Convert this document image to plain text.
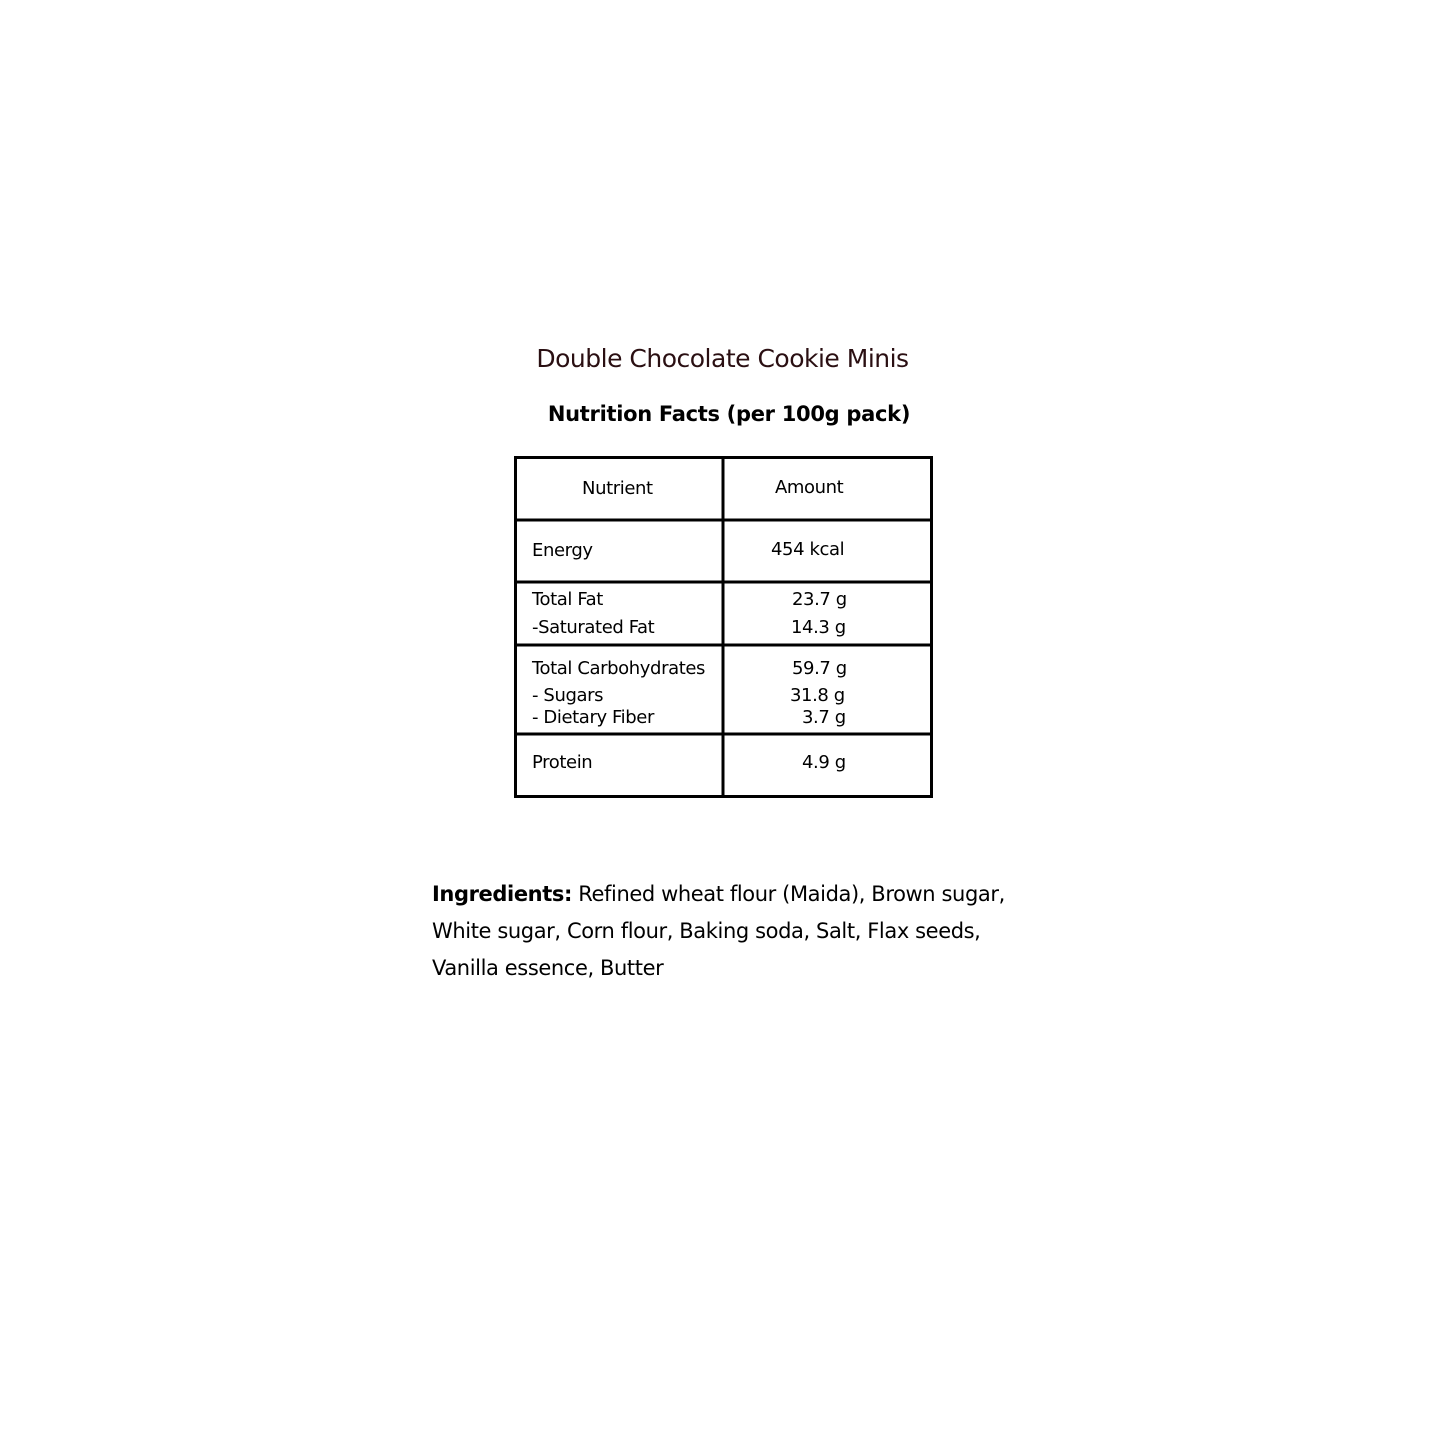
Double Chocolate Cookie Minis
Nutrition Facts (per 100g pack)
Nutrient	Amount
Energy	454 kcal
Total Fat	23.7 g
-Saturated Fat	14.3 g
Total Carbohydrates	59.7 g
- Sugars	31.8 g
- Dietary Fiber	3.7 g
Protein	4.9 g
Ingredients: Refined wheat flour (Maida), Brown sugar,
White sugar, Corn flour, Baking soda, Salt, Flax seeds,
Vanilla essence, Butter
